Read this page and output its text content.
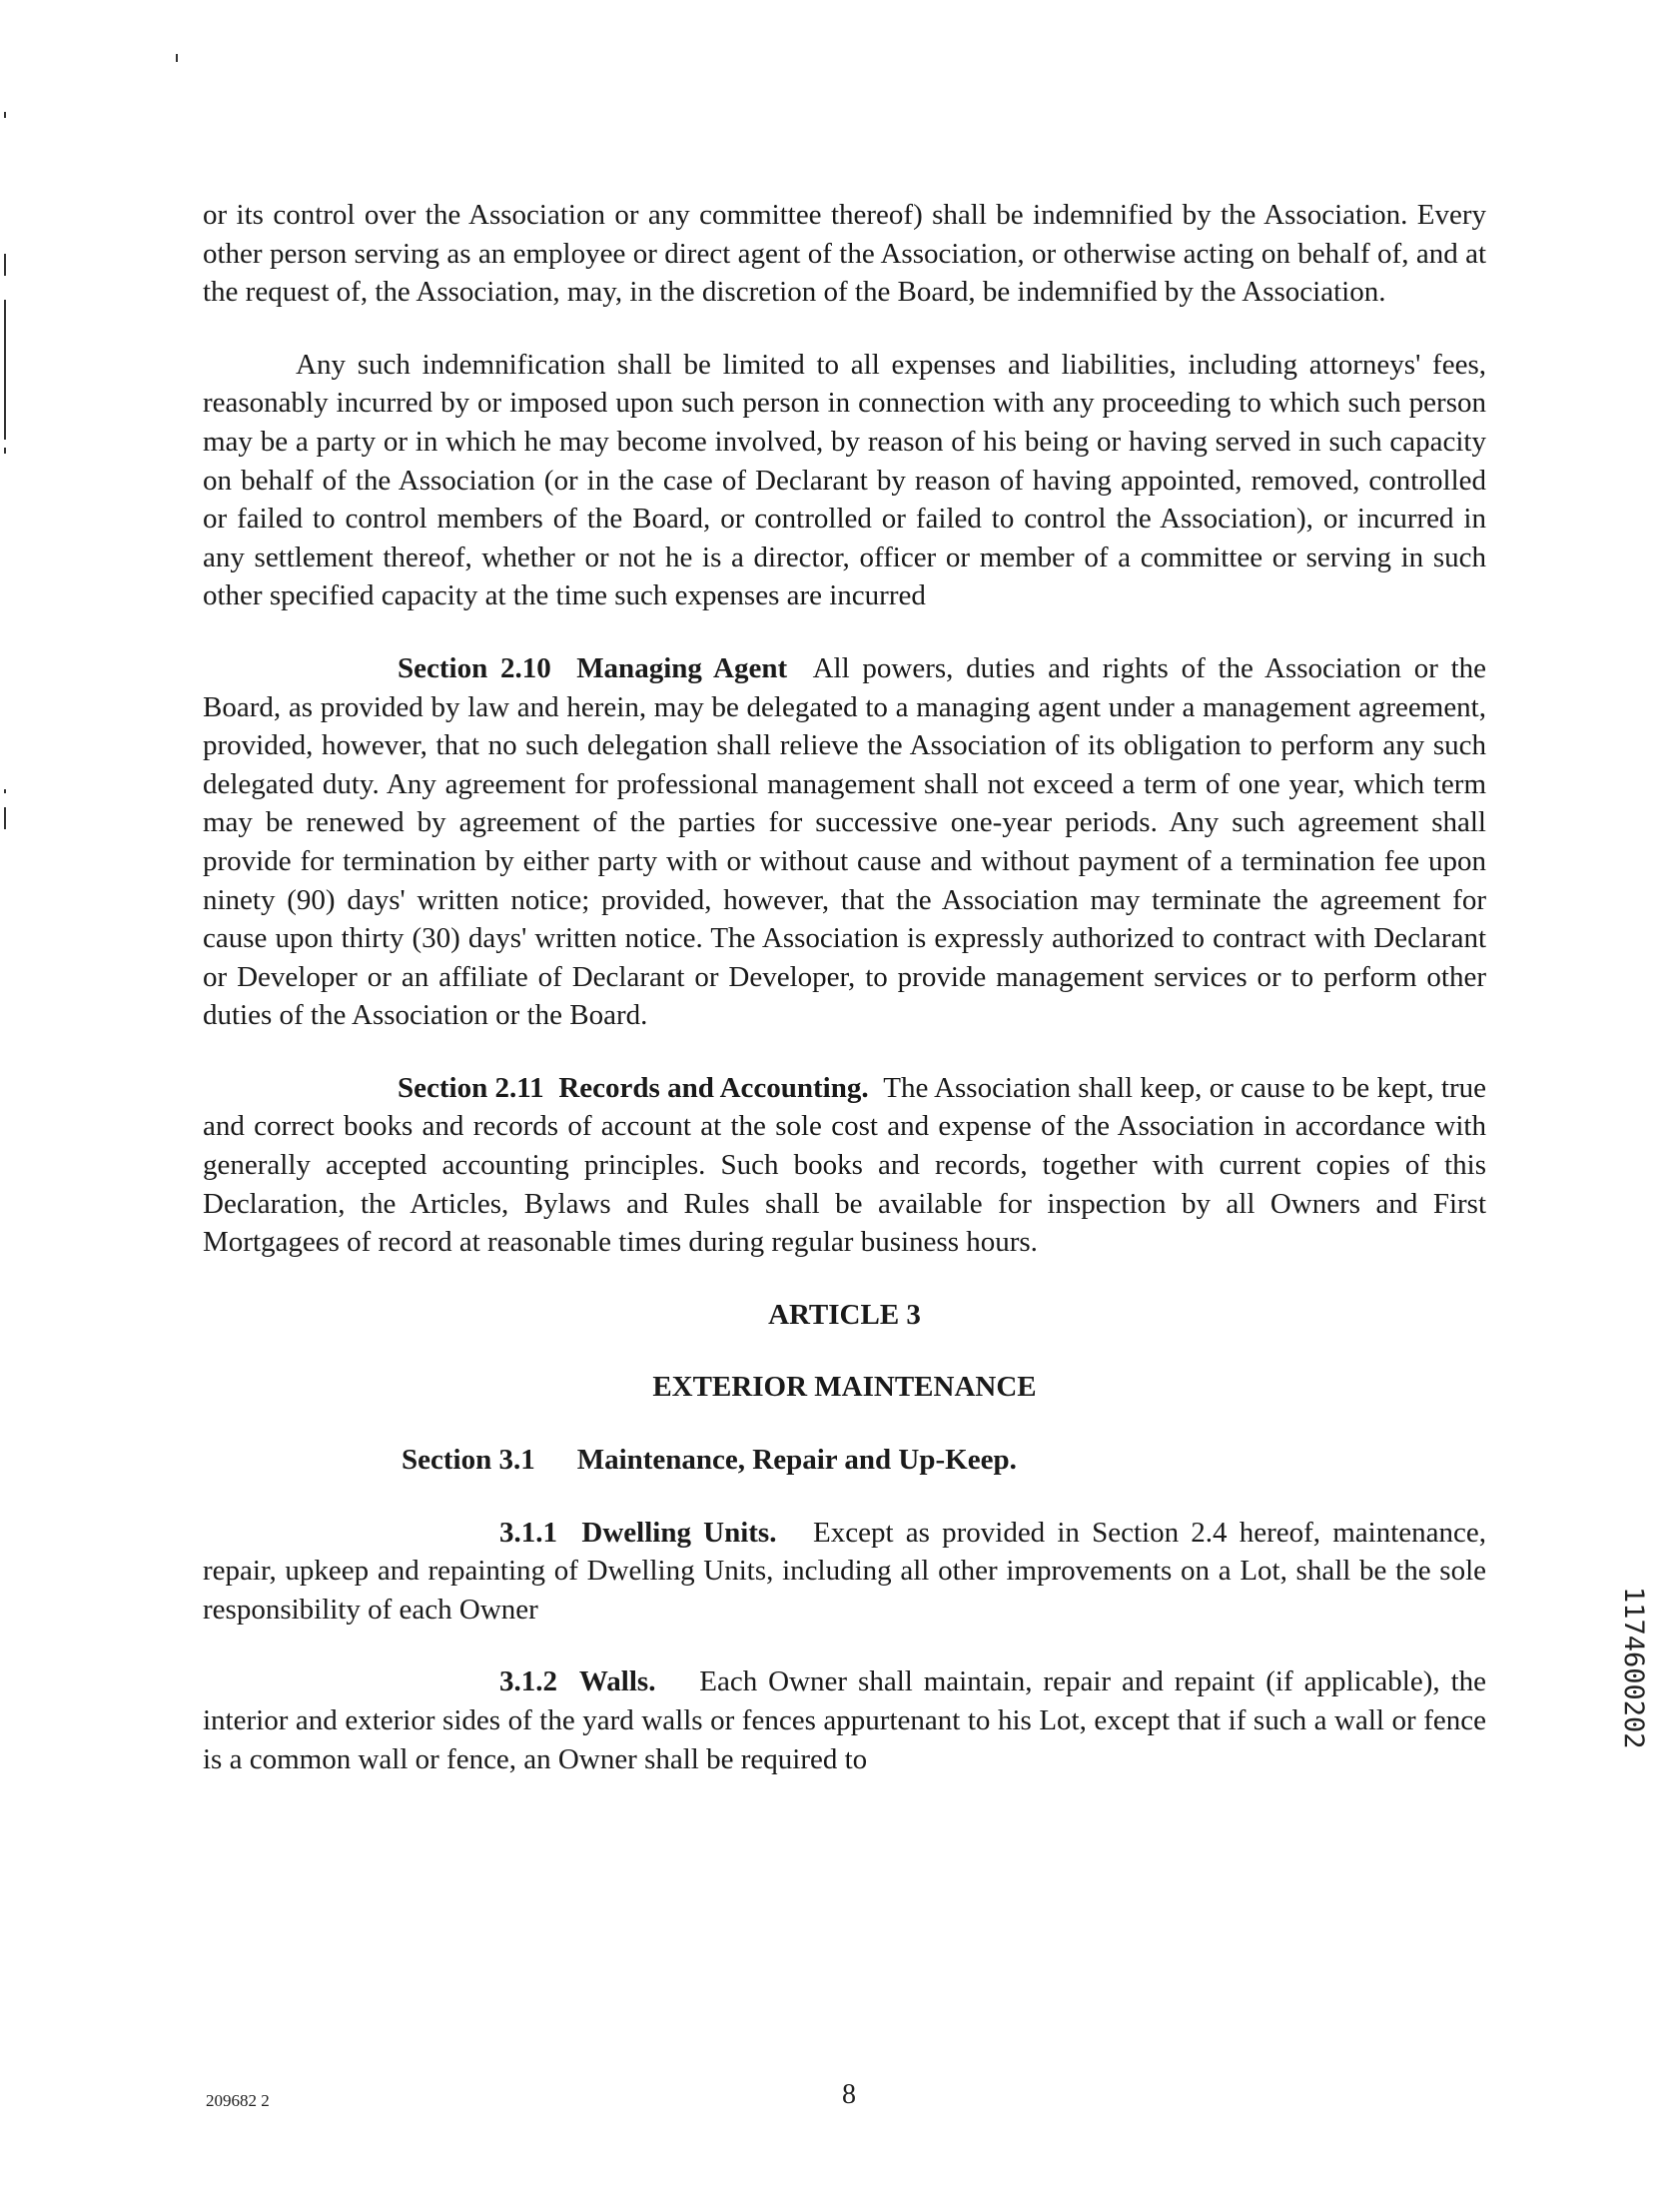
or its control over the Association or any committee thereof) shall be indemnified by the Association. Every other person serving as an employee or direct agent of the Association, or otherwise acting on behalf of, and at the request of, the Association, may, in the discretion of the Board, be indemnified by the Association.

Any such indemnification shall be limited to all expenses and liabilities, including attorneys' fees, reasonably incurred by or imposed upon such person in connection with any proceeding to which such person may be a party or in which he may become involved, by reason of his being or having served in such capacity on behalf of the Association (or in the case of Declarant by reason of having appointed, removed, controlled or failed to control members of the Board, or controlled or failed to control the Association), or incurred in any settlement thereof, whether or not he is a director, officer or member of a committee or serving in such other specified capacity at the time such expenses are incurred

Section 2.10 Managing Agent All powers, duties and rights of the Association or the Board, as provided by law and herein, may be delegated to a managing agent under a management agreement, provided, however, that no such delegation shall relieve the Association of its obligation to perform any such delegated duty. Any agreement for professional management shall not exceed a term of one year, which term may be renewed by agreement of the parties for successive one-year periods. Any such agreement shall provide for termination by either party with or without cause and without payment of a termination fee upon ninety (90) days' written notice; provided, however, that the Association may terminate the agreement for cause upon thirty (30) days' written notice. The Association is expressly authorized to contract with Declarant or Developer or an affiliate of Declarant or Developer, to provide management services or to perform other duties of the Association or the Board.

Section 2.11 Records and Accounting. The Association shall keep, or cause to be kept, true and correct books and records of account at the sole cost and expense of the Association in accordance with generally accepted accounting principles. Such books and records, together with current copies of this Declaration, the Articles, Bylaws and Rules shall be available for inspection by all Owners and First Mortgagees of record at reasonable times during regular business hours.

ARTICLE 3
EXTERIOR MAINTENANCE
Section 3.1 Maintenance, Repair and Up-Keep.

3.1.1 Dwelling Units. Except as provided in Section 2.4 hereof, maintenance, repair, upkeep and repainting of Dwelling Units, including all other improvements on a Lot, shall be the sole responsibility of each Owner

3.1.2 Walls. Each Owner shall maintain, repair and repaint (if applicable), the interior and exterior sides of the yard walls or fences appurtenant to his Lot, except that if such a wall or fence is a common wall or fence, an Owner shall be required to

1174600202
209682 2	8
